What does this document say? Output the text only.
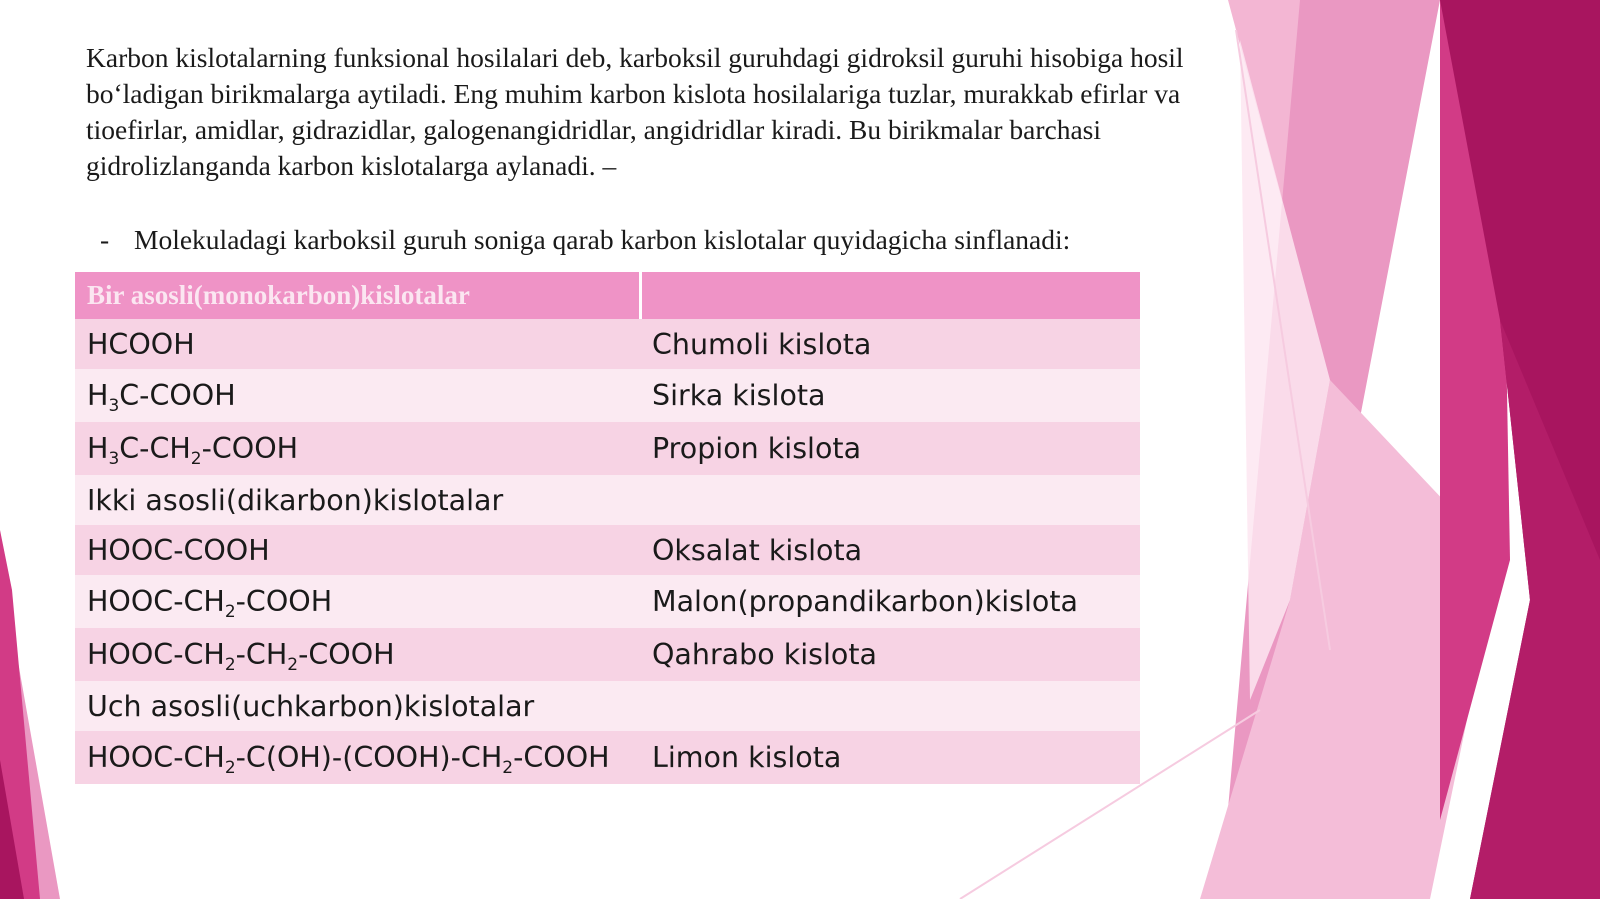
Karbon kislotalarning funksional hosilalari deb, karboksil guruhdagi gidroksil guruhi hisobiga hosil bo‘ladigan birikmalarga aytiladi. Eng muhim karbon kislota hosilalariga tuzlar, murakkab efirlar va tioefirlar, amidlar, gidrazidlar, galogenangidridlar, angidridlar kiradi. Bu birikmalar barchasi gidrolizlanganda karbon kislotalarga aylanadi. –

- Molekuladagi karboksil guruh soniga qarab karbon kislotalar quyidagicha sinflanadi:
Bir asosli(monokarbon)kislotalar	
HCOOH	Chumoli kislota
$H_3C$-COOH	Sirka kislota
$H_3C-CH_2$-COOH	Propion kislota
Ikki asosli(dikarbon)kislotalar	
HOOC-COOH	Oksalat kislota
HOOC-$CH_2$-COOH	Malon(propandikarbon)kislota
HOOC-$CH_2-CH_2$-COOH	Qahrabo kislota
Uch asosli(uchkarbon)kislotalar	
HOOC-$CH_2-C(OH)-(COOH)-CH_2$-COOH	Limon kislota
